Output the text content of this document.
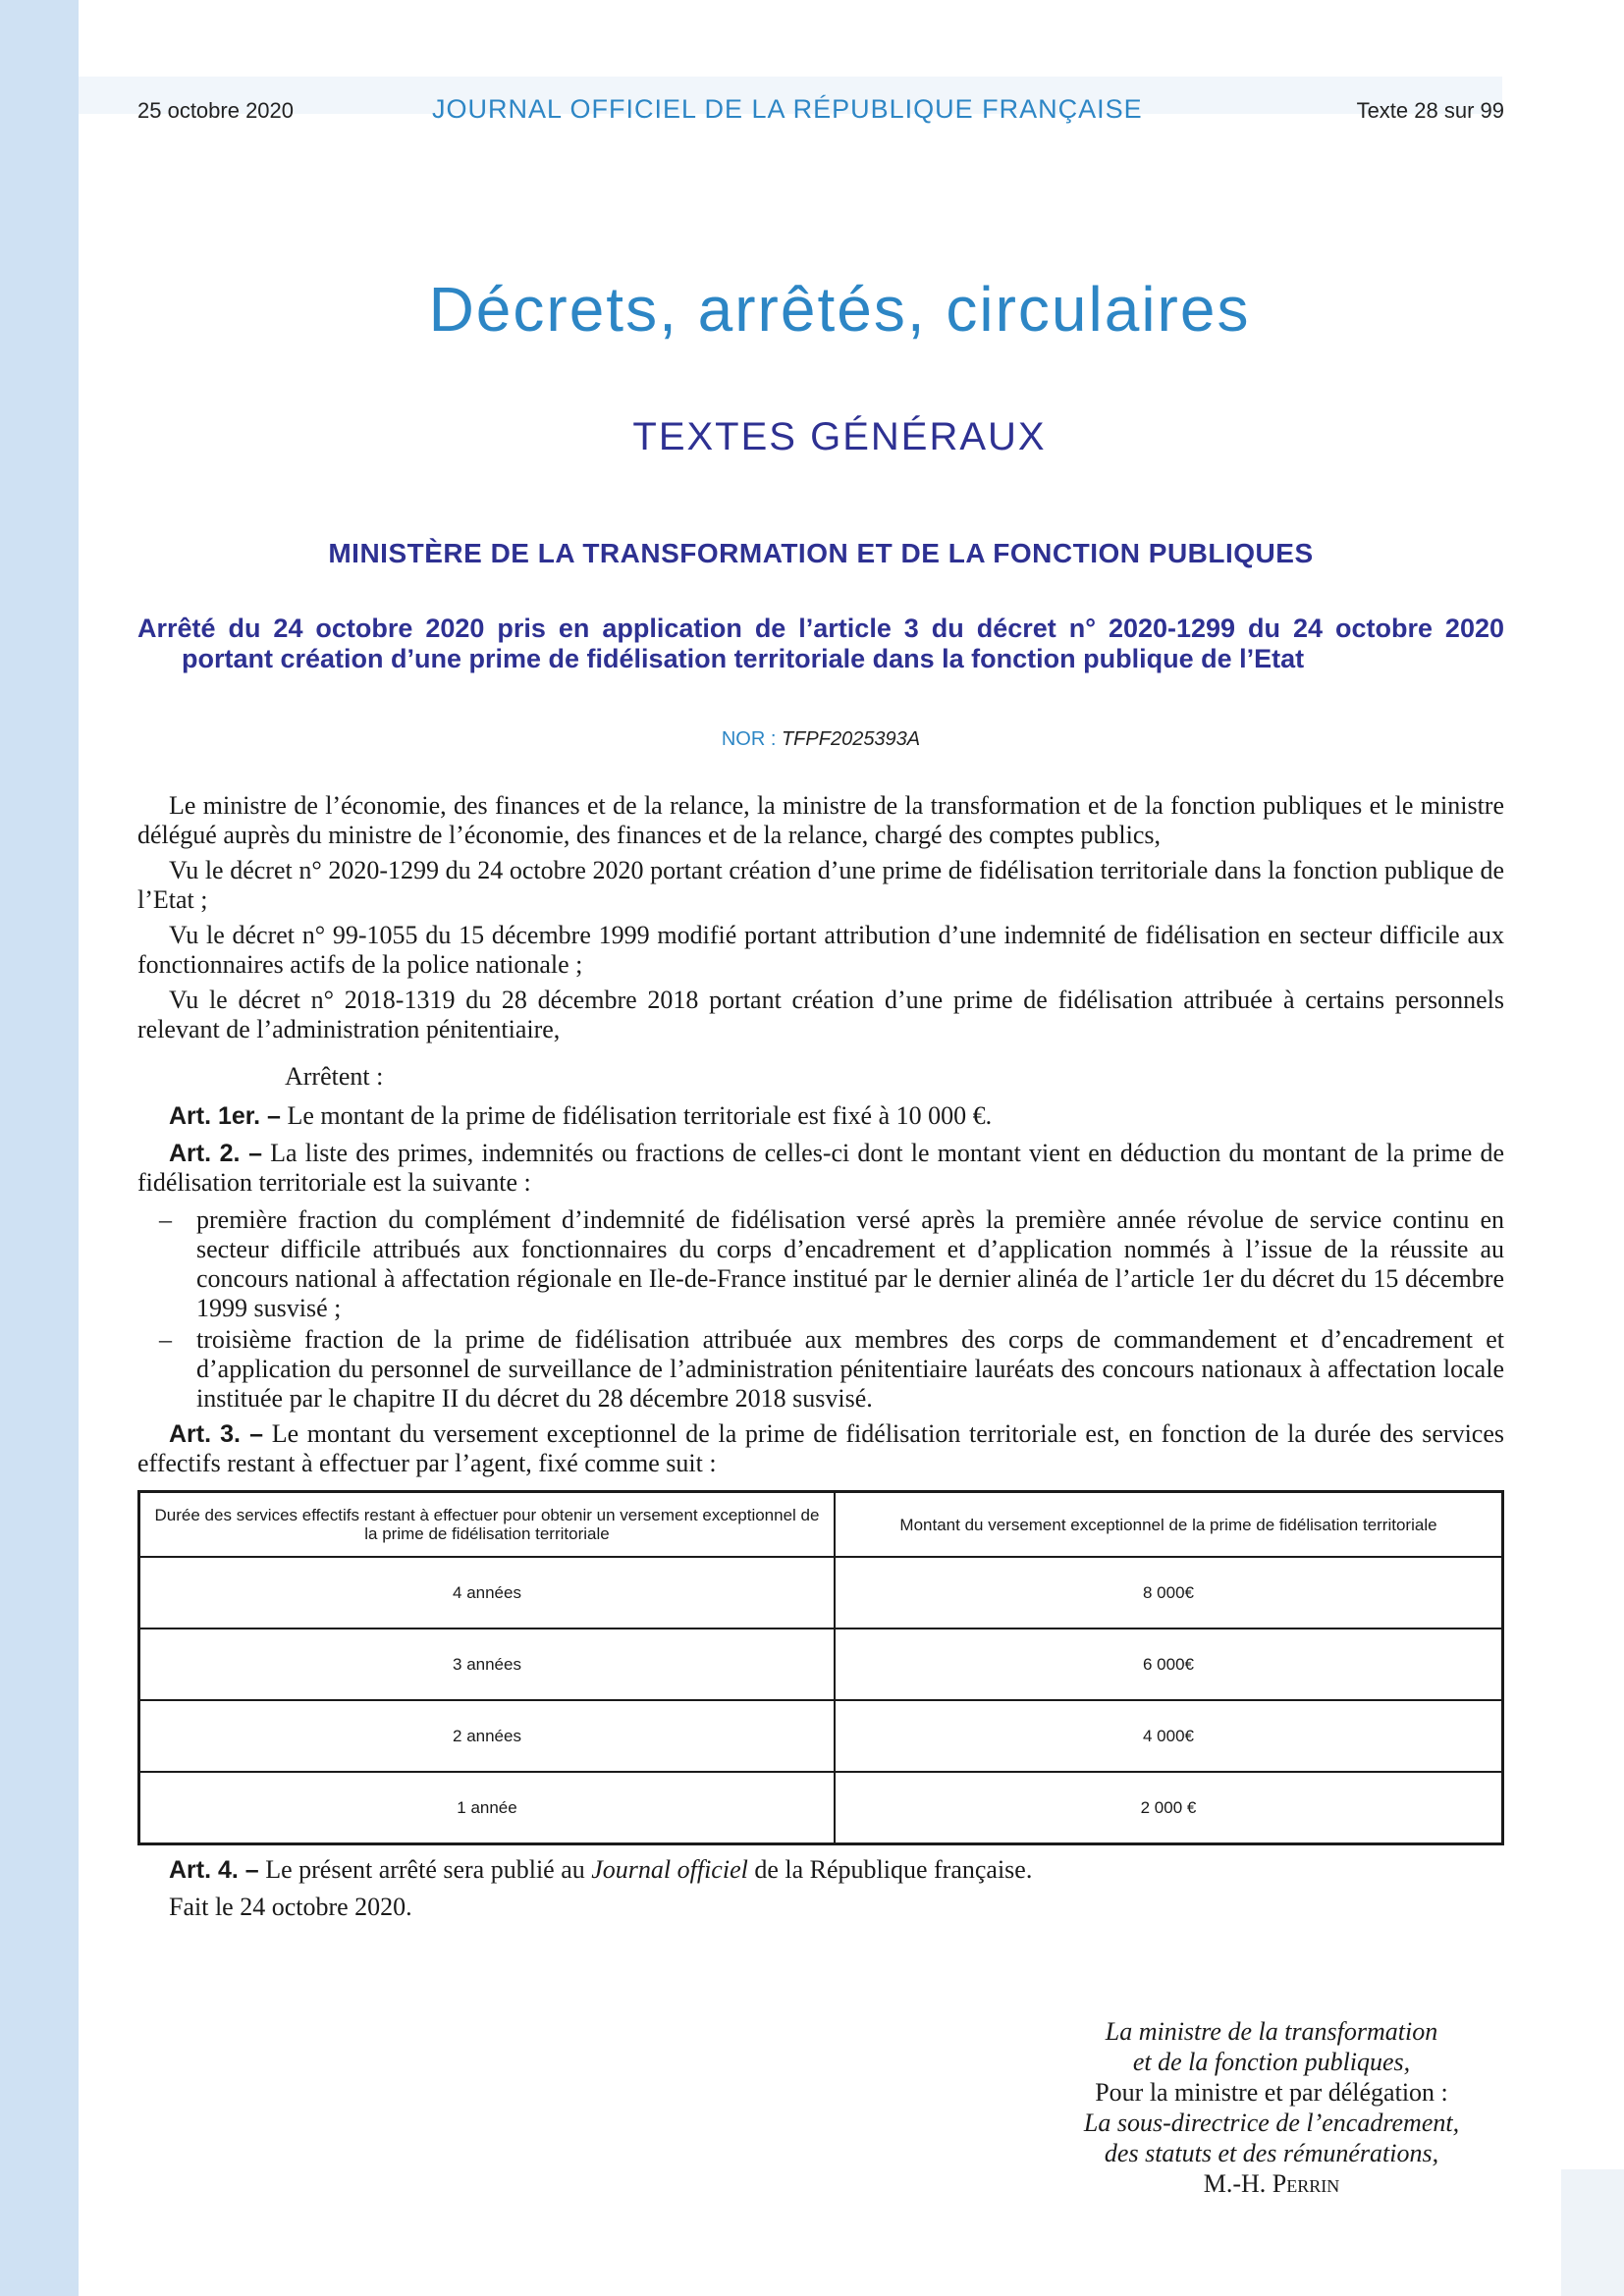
25 octobre 2020	JOURNAL OFFICIEL DE LA RÉPUBLIQUE FRANÇAISE	Texte 28 sur 99
Décrets, arrêtés, circulaires
TEXTES GÉNÉRAUX
MINISTÈRE DE LA TRANSFORMATION ET DE LA FONCTION PUBLIQUES
Arrêté du 24 octobre 2020 pris en application de l’article 3 du décret n° 2020-1299 du 24 octobre 2020 portant création d’une prime de fidélisation territoriale dans la fonction publique de l’Etat
NOR : TFPF2025393A

Le ministre de l’économie, des finances et de la relance, la ministre de la transformation et de la fonction publiques et le ministre délégué auprès du ministre de l’économie, des finances et de la relance, chargé des comptes publics,

Vu le décret n° 2020-1299 du 24 octobre 2020 portant création d’une prime de fidélisation territoriale dans la fonction publique de l’Etat ;

Vu le décret n° 99-1055 du 15 décembre 1999 modifié portant attribution d’une indemnité de fidélisation en secteur difficile aux fonctionnaires actifs de la police nationale ;

Vu le décret n° 2018-1319 du 28 décembre 2018 portant création d’une prime de fidélisation attribuée à certains personnels relevant de l’administration pénitentiaire,

Arrêtent :

Art. 1er. – Le montant de la prime de fidélisation territoriale est fixé à 10 000 €.

Art. 2. – La liste des primes, indemnités ou fractions de celles-ci dont le montant vient en déduction du montant de la prime de fidélisation territoriale est la suivante :

– première fraction du complément d’indemnité de fidélisation versé après la première année révolue de service continu en secteur difficile attribués aux fonctionnaires du corps d’encadrement et d’application nommés à l’issue de la réussite au concours national à affectation régionale en Ile-de-France institué par le dernier alinéa de l’article 1er du décret du 15 décembre 1999 susvisé ;
– troisième fraction de la prime de fidélisation attribuée aux membres des corps de commandement et d’encadrement et d’application du personnel de surveillance de l’administration pénitentiaire lauréats des concours nationaux à affectation locale instituée par le chapitre II du décret du 28 décembre 2018 susvisé.

Art. 3. – Le montant du versement exceptionnel de la prime de fidélisation territoriale est, en fonction de la durée des services effectifs restant à effectuer par l’agent, fixé comme suit :

Durée des services effectifs restant à effectuer pour obtenir un versement exceptionnel de la prime de fidélisation territoriale	Montant du versement exceptionnel de la prime de fidélisation territoriale
4 années	8 000€
3 années	6 000€
2 années	4 000€
1 année	2 000 €

Art. 4. – Le présent arrêté sera publié au Journal officiel de la République française.

Fait le 24 octobre 2020.

La ministre de la transformation
et de la fonction publiques,
Pour la ministre et par délégation :
La sous-directrice de l’encadrement,
des statuts et des rémunérations,
M.-H. Perrin
